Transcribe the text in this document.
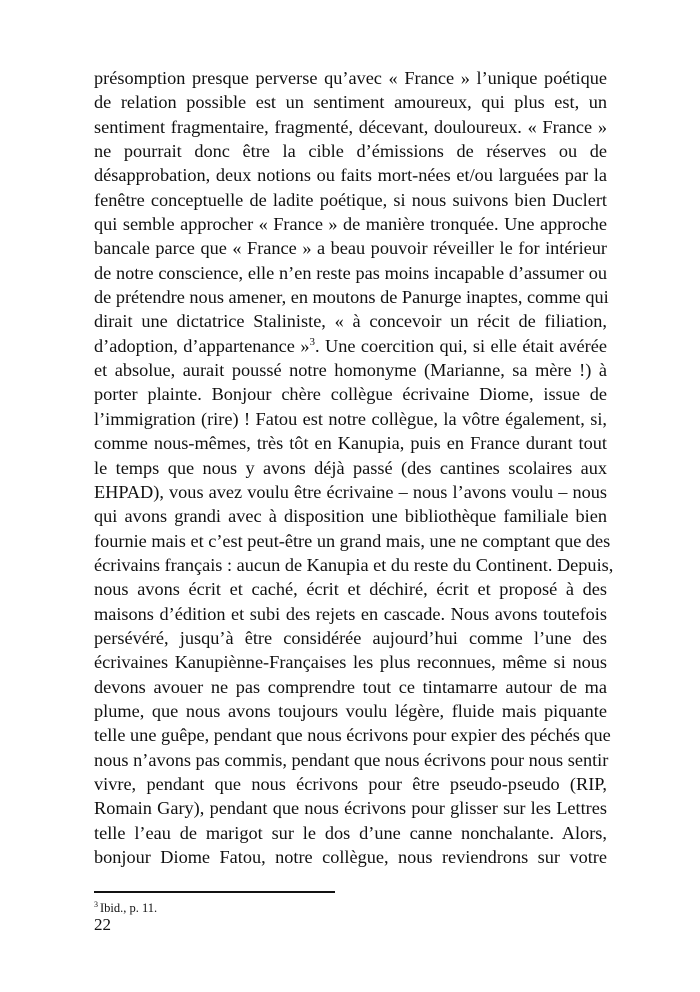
présomption presque perverse qu’avec « France » l’unique poétique
de relation possible est un sentiment amoureux, qui plus est, un
sentiment fragmentaire, fragmenté, décevant, douloureux. « France »
ne pourrait donc être la cible d’émissions de réserves ou de
désapprobation, deux notions ou faits mort-nées et/ou larguées par la
fenêtre conceptuelle de ladite poétique, si nous suivons bien Duclert
qui semble approcher « France » de manière tronquée. Une approche
bancale parce que « France » a beau pouvoir réveiller le for intérieur
de notre conscience, elle n’en reste pas moins incapable d’assumer ou
de prétendre nous amener, en moutons de Panurge inaptes, comme qui
dirait une dictatrice Staliniste, « à concevoir un récit de filiation,
d’adoption, d’appartenance »$^3$. Une coercition qui, si elle était avérée
et absolue, aurait poussé notre homonyme (Marianne, sa mère !) à
porter plainte. Bonjour chère collègue écrivaine Diome, issue de
l’immigration (rire) ! Fatou est notre collègue, la vôtre également, si,
comme nous-mêmes, très tôt en Kanupia, puis en France durant tout
le temps que nous y avons déjà passé (des cantines scolaires aux
EHPAD), vous avez voulu être écrivaine – nous l’avons voulu – nous
qui avons grandi avec à disposition une bibliothèque familiale bien
fournie mais et c’est peut-être un grand mais, une ne comptant que des
écrivains français : aucun de Kanupia et du reste du Continent. Depuis,
nous avons écrit et caché, écrit et déchiré, écrit et proposé à des
maisons d’édition et subi des rejets en cascade. Nous avons toutefois
persévéré, jusqu’à être considérée aujourd’hui comme l’une des
écrivaines Kanupiènne-Françaises les plus reconnues, même si nous
devons avouer ne pas comprendre tout ce tintamarre autour de ma
plume, que nous avons toujours voulu légère, fluide mais piquante
telle une guêpe, pendant que nous écrivons pour expier des péchés que
nous n’avons pas commis, pendant que nous écrivons pour nous sentir
vivre, pendant que nous écrivons pour être pseudo-pseudo (RIP,
Romain Gary), pendant que nous écrivons pour glisser sur les Lettres
telle l’eau de marigot sur le dos d’une canne nonchalante. Alors,
bonjour Diome Fatou, notre collègue, nous reviendrons sur votre
$^3$ Ibid., p. 11.
22
